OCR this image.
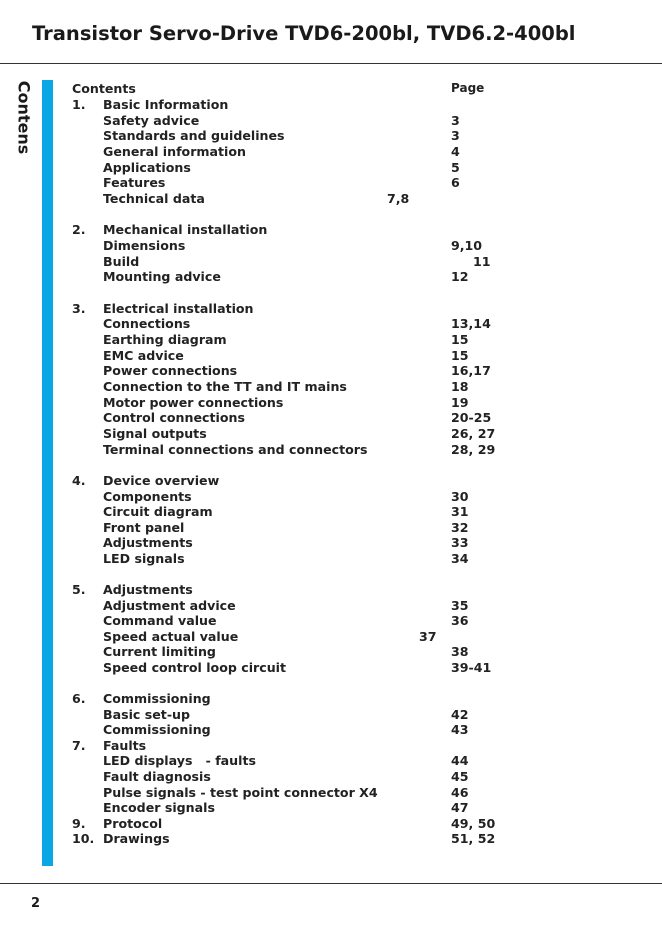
Transistor Servo-Drive TVD6-200bl, TVD6.2-400bl
Contens	Contents	Page
1. Basic Information
Safety advice	3
Standards and guidelines	3
General information	4
Applications	5
Features	6
Technical data	7,8
2. Mechanical installation
Dimensions	9,10
Build	11
Mounting advice	12
3. Electrical installation
Connections	13,14
Earthing diagram	15
EMC advice	15
Power connections	16,17
Connection to the TT and IT mains	18
Motor power connections	19
Control connections	20-25
Signal outputs	26, 27
Terminal connections and connectors	28, 29
4. Device overview
Components	30
Circuit diagram	31
Front panel	32
Adjustments	33
LED signals	34
5. Adjustments
Adjustment advice	35
Command value	36
Speed actual value	37
Current limiting	38
Speed control loop circuit	39-41
6. Commissioning
Basic set-up	42
Commissioning	43
7. Faults
LED displays   - faults	44
Fault diagnosis	45
Pulse signals - test point connector X4	46
Encoder signals	47
9. Protocol	49, 50
10. Drawings	51, 52
2
